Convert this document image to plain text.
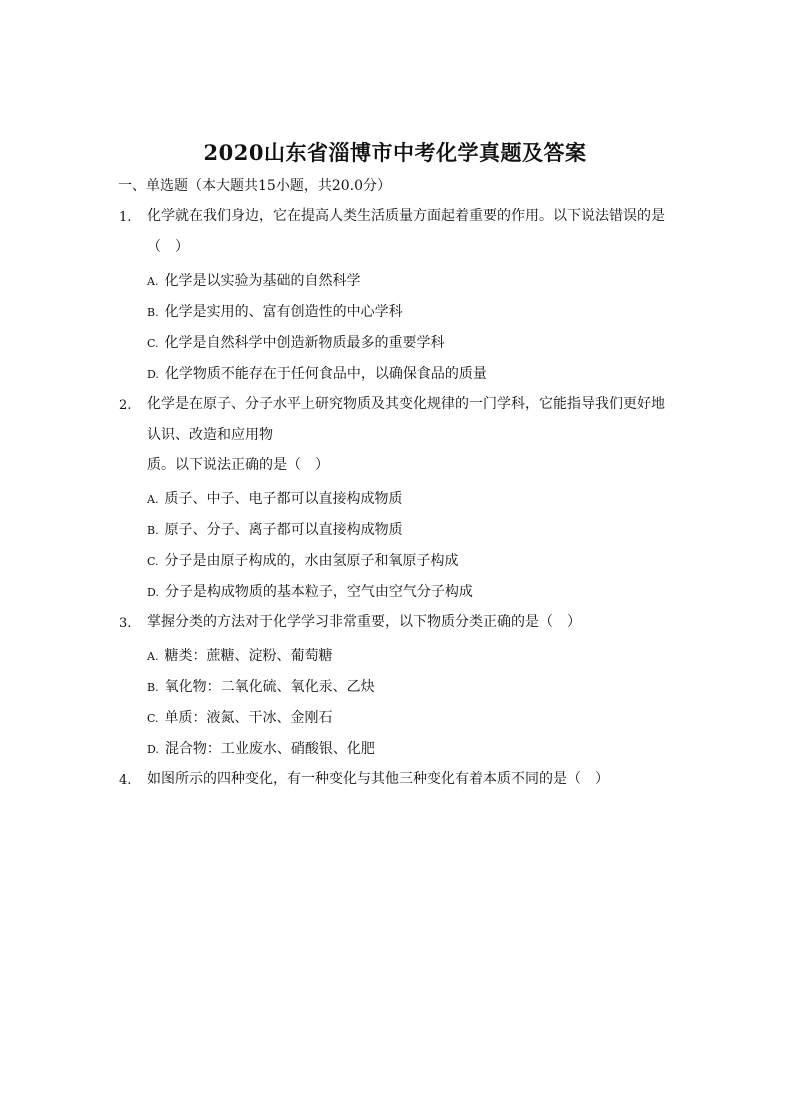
2020山东省淄博市中考化学真题及答案
一、单选题（本大题共15小题，共20.0分）
1. 化学就在我们身边，它在提高人类生活质量方面起着重要的作用。以下说法错误的是
（　）
A. 化学是以实验为基础的自然科学
B. 化学是实用的、富有创造性的中心学科
C. 化学是自然科学中创造新物质最多的重要学科
D. 化学物质不能存在于任何食品中，以确保食品的质量
2. 化学是在原子、分子水平上研究物质及其变化规律的一门学科，它能指导我们更好地
认识、改造和应用物
质。以下说法正确的是（　）
A. 质子、中子、电子都可以直接构成物质
B. 原子、分子、离子都可以直接构成物质
C. 分子是由原子构成的，水由氢原子和氧原子构成
D. 分子是构成物质的基本粒子，空气由空气分子构成
3. 掌握分类的方法对于化学学习非常重要，以下物质分类正确的是（　）
A. 糖类：蔗糖、淀粉、葡萄糖
B. 氧化物：二氧化硫、氧化汞、乙炔
C. 单质：液氮、干冰、金刚石
D. 混合物：工业废水、硝酸银、化肥
4. 如图所示的四种变化，有一种变化与其他三种变化有着本质不同的是（　）
